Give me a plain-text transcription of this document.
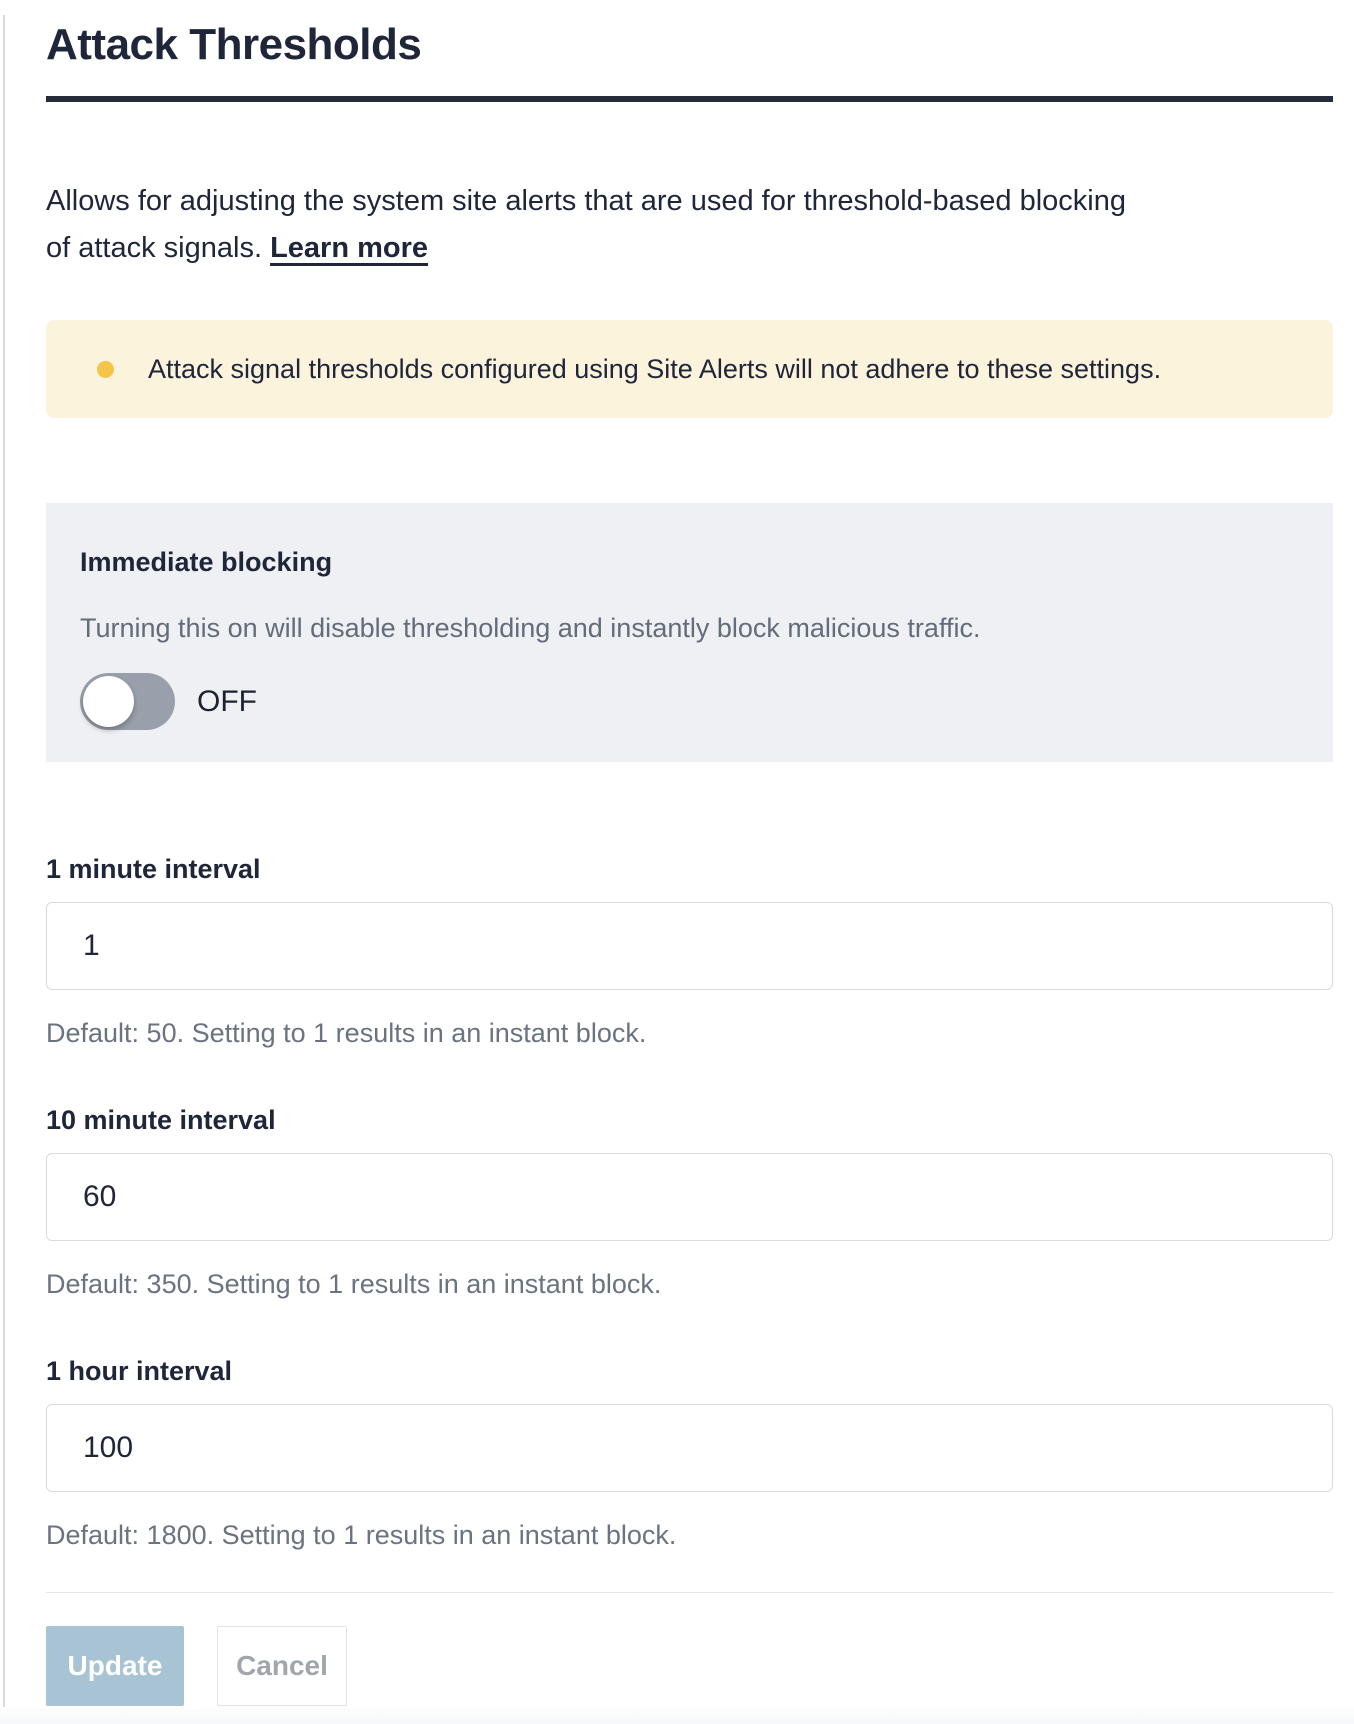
Attack Thresholds

Allows for adjusting the system site alerts that are used for threshold-based blocking of attack signals. Learn more

Attack signal thresholds configured using Site Alerts will not adhere to these settings.
Immediate blocking

Turning this on will disable thresholding and instantly block malicious traffic.

OFF
1 minute interval
1
Default: 50. Setting to 1 results in an instant block.
10 minute interval
60
Default: 350. Setting to 1 results in an instant block.
1 hour interval
100
Default: 1800. Setting to 1 results in an instant block.
Update	Cancel
